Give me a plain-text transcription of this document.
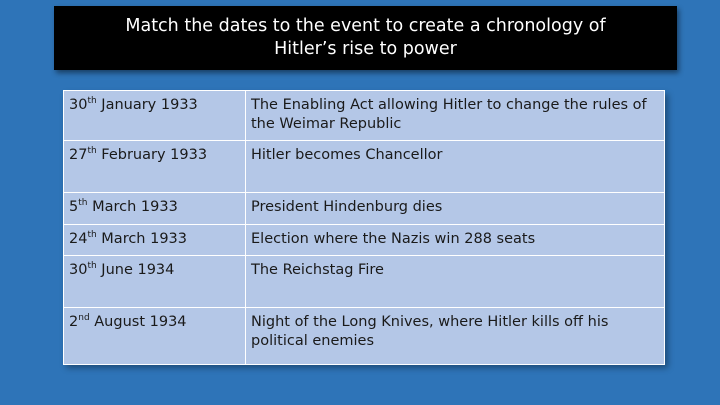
Match the dates to the event to create a chronology of
Hitler’s rise to power
30th January 1933	The Enabling Act allowing Hitler to change the rules of the Weimar Republic
27th February 1933	Hitler becomes Chancellor
5th March 1933	President Hindenburg dies
24th March 1933	Election where the Nazis win 288 seats
30th June 1934	The Reichstag Fire
2nd August 1934	Night of the Long Knives, where Hitler kills off his political enemies
